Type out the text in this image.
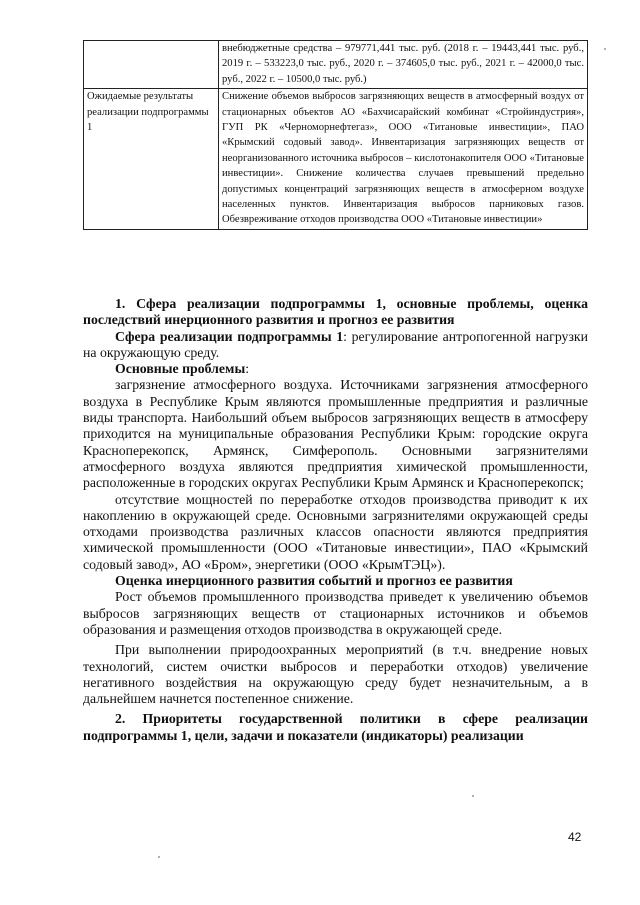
	внебюджетные средства – 979771,441 тыс. руб. (2018 г. – 19443,441 тыс. руб., 2019 г. – 533223,0 тыс. руб., 2020 г. – 374605,0 тыс. руб., 2021 г. – 42000,0 тыс. руб., 2022 г. – 10500,0 тыс. руб.)
Ожидаемые результаты реализации подпрограммы 1	Снижение объемов выбросов загрязняющих веществ в атмосферный воздух от стационарных объектов АО «Бахчисарайский комбинат «Стройиндустрия», ГУП РК «Черноморнефтегаз», ООО «Титановые инвестиции», ПАО «Крымский содовый завод». Инвентаризация загрязняющих веществ от неорганизованного источника выбросов – кислотонакопителя ООО «Титановые инвестиции». Снижение количества случаев превышений предельно допустимых концентраций загрязняющих веществ в атмосферном воздухе населенных пунктов. Инвентаризация выбросов парниковых газов. Обезвреживание отходов производства ООО «Титановые инвестиции»

1. Сфера реализации подпрограммы 1, основные проблемы, оценка последствий инерционного развития и прогноз ее развития

Сфера реализации подпрограммы 1: регулирование антропогенной нагрузки на окружающую среду.

Основные проблемы:

загрязнение атмосферного воздуха. Источниками загрязнения атмосферного воздуха в Республике Крым являются промышленные предприятия и различные виды транспорта. Наибольший объем выбросов загрязняющих веществ в атмосферу приходится на муниципальные образования Республики Крым: городские округа Красноперекопск, Армянск, Симферополь. Основными загрязнителями атмосферного воздуха являются предприятия химической промышленности, расположенные в городских округах Республики Крым Армянск и Красноперекопск;

отсутствие мощностей по переработке отходов производства приводит к их накоплению в окружающей среде. Основными загрязнителями окружающей среды отходами производства различных классов опасности являются предприятия химической промышленности (ООО «Титановые инвестиции», ПАО «Крымский содовый завод», АО «Бром», энергетики (ООО «КрымТЭЦ»).

Оценка инерционного развития событий и прогноз ее развития

Рост объемов промышленного производства приведет к увеличению объемов выбросов загрязняющих веществ от стационарных источников и объемов образования и размещения отходов производства в окружающей среде.

При выполнении природоохранных мероприятий (в т.ч. внедрение новых технологий, систем очистки выбросов и переработки отходов) увеличение негативного воздействия на окружающую среду будет незначительным, а в дальнейшем начнется постепенное снижение.

2. Приоритеты государственной политики в сфере реализации подпрограммы 1, цели, задачи и показатели (индикаторы) реализации

42
